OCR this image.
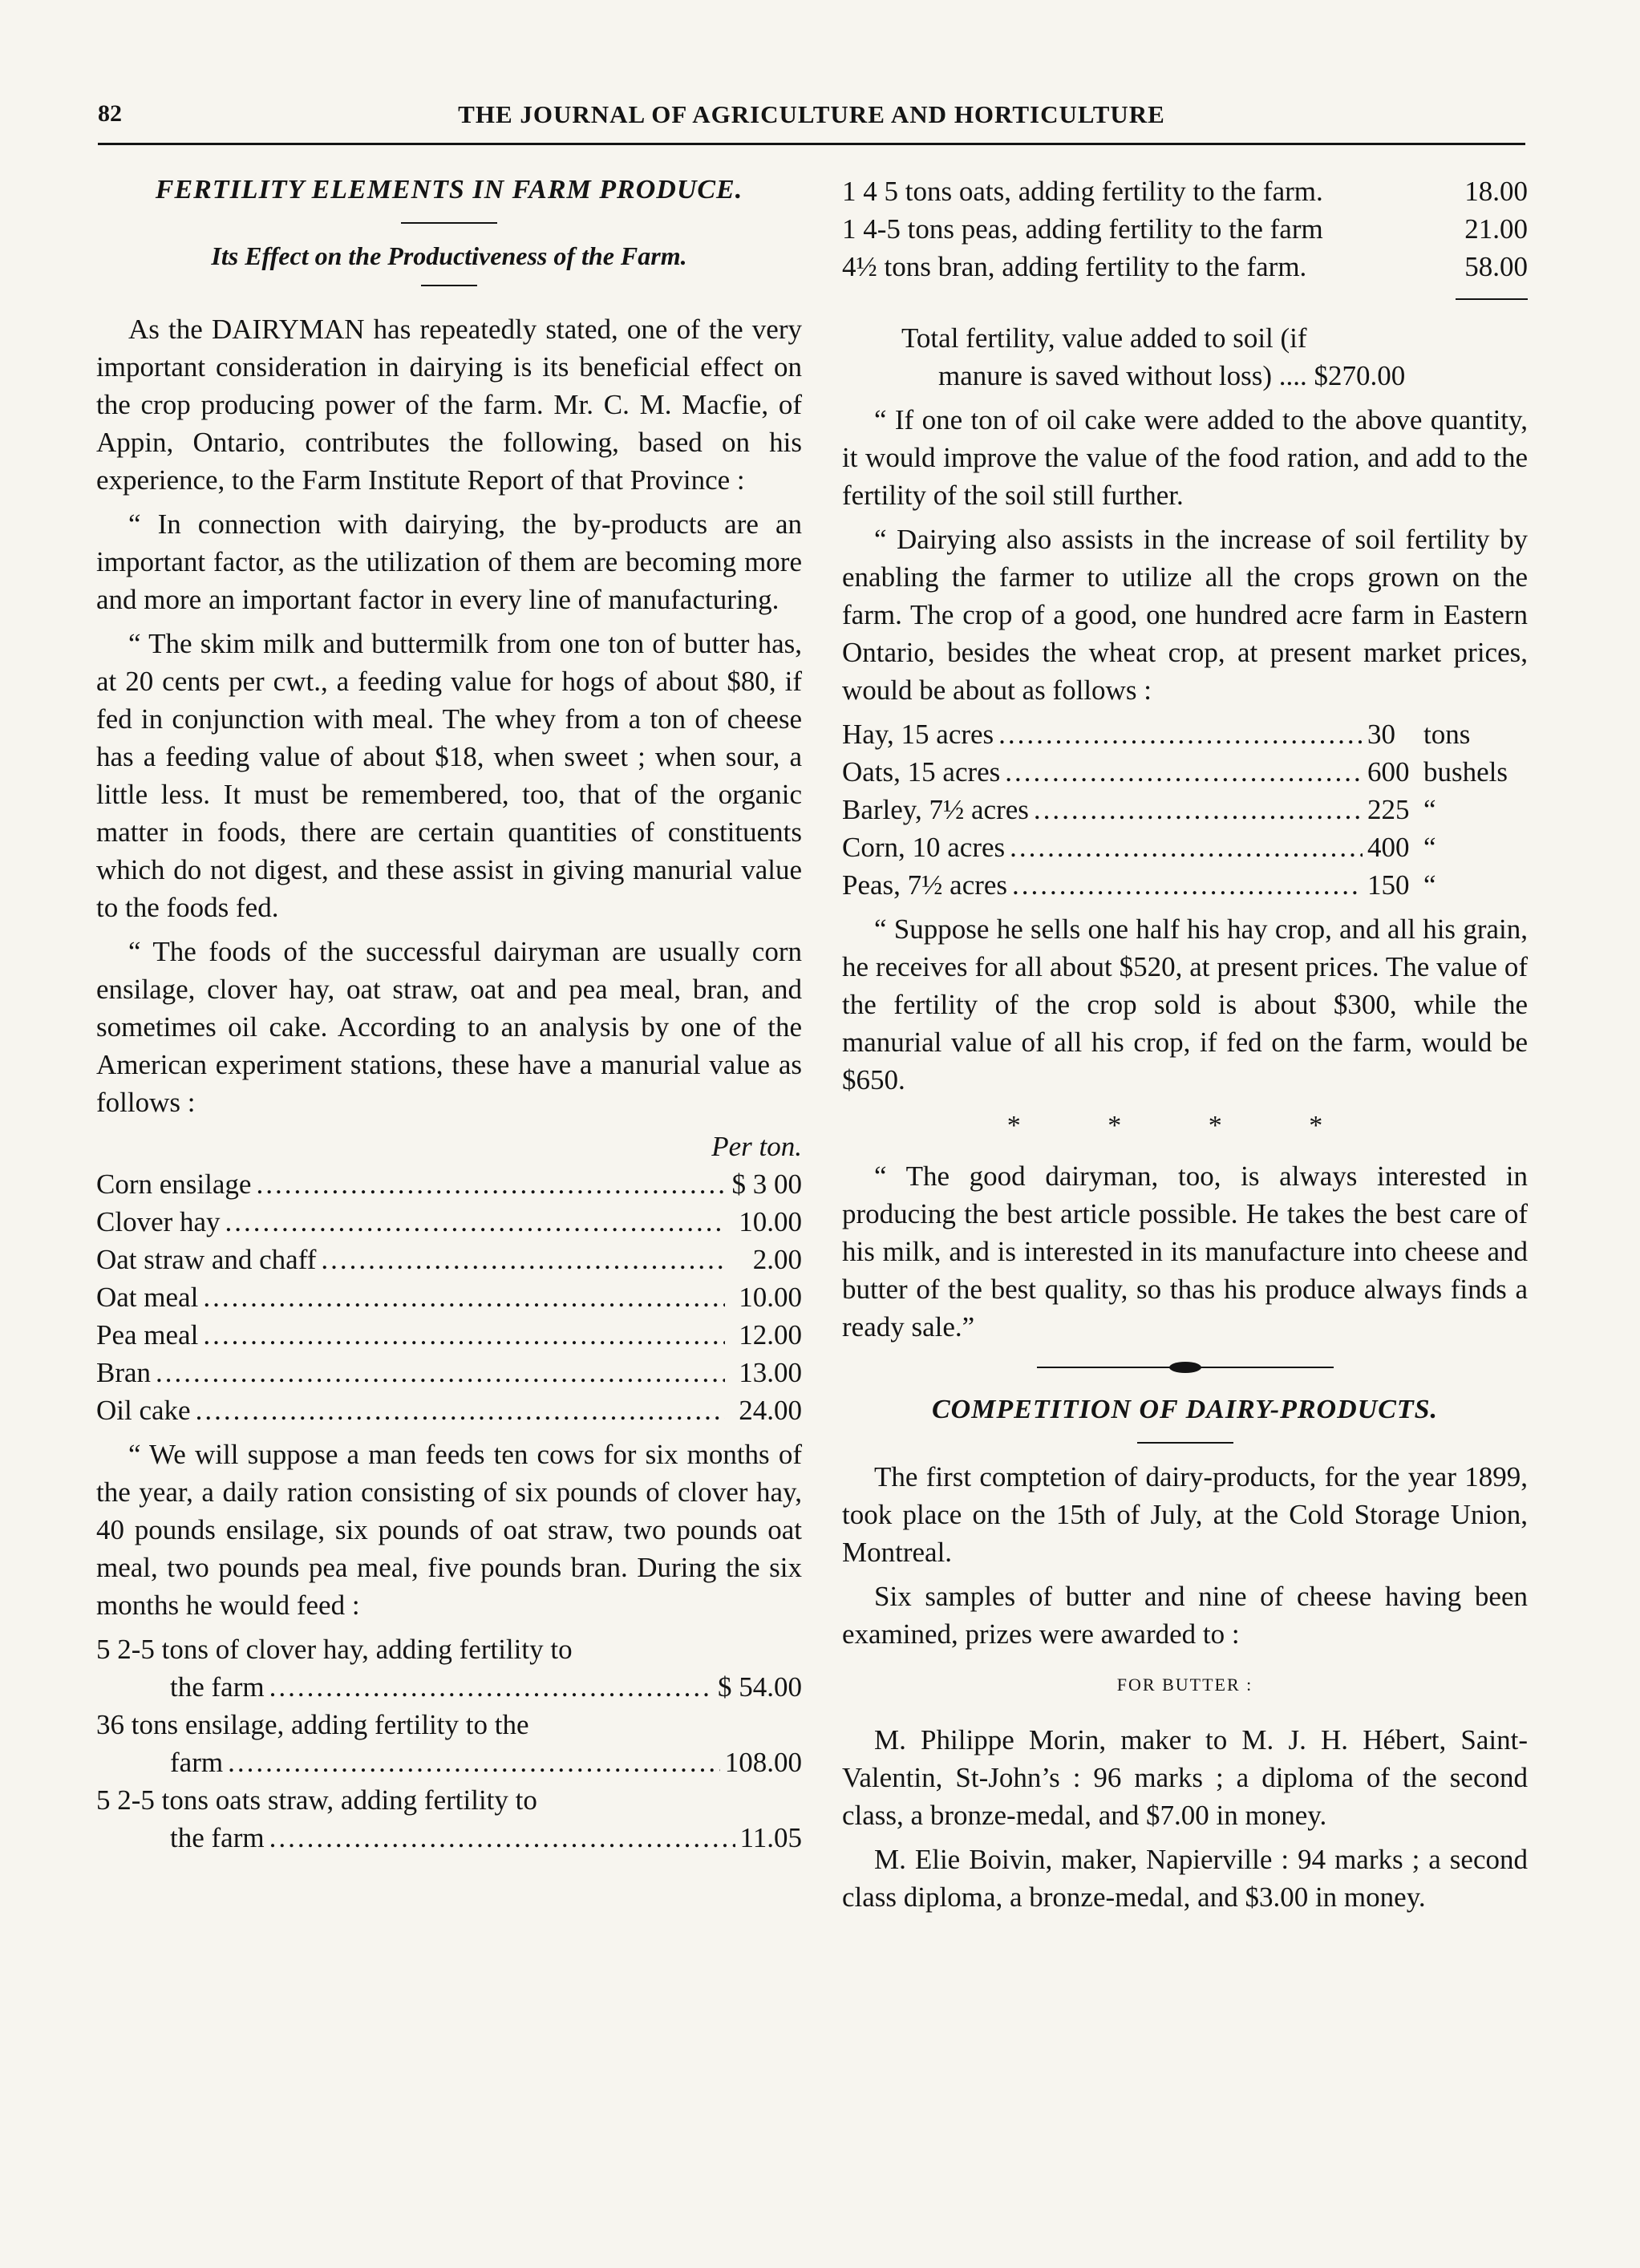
82	THE JOURNAL OF AGRICULTURE AND HORTICULTURE
FERTILITY ELEMENTS IN FARM PRODUCE.
Its Effect on the Productiveness of the Farm.

As the DAIRYMAN has repeatedly stated, one of the very important consideration in dairying is its beneficial effect on the crop producing power of the farm. Mr. C. M. Macfie, of Appin, Ontario, contributes the following, based on his experience, to the Farm Institute Report of that Province :

“ In connection with dairying, the by-products are an important factor, as the utilization of them are becoming more and more an important factor in every line of manufacturing.

“ The skim milk and buttermilk from one ton of butter has, at 20 cents per cwt., a feeding value for hogs of about $80, if fed in conjunction with meal. The whey from a ton of cheese has a feeding value of about $18, when sweet ; when sour, a little less. It must be remembered, too, that of the organic matter in foods, there are certain quantities of constituents which do not digest, and these assist in giving manurial value to the foods fed.

“ The foods of the successful dairyman are usually corn ensilage, clover hay, oat straw, oat and pea meal, bran, and sometimes oil cake. According to an analysis by one of the American experiment stations, these have a manurial value as follows :

Per ton.
Corn ensilage .....	$ 3 00
Clover hay .....	10.00
Oat straw and chaff .....	2.00
Oat meal .....	10.00
Pea meal .....	12.00
Bran .....	13.00
Oil cake .....	24.00

“ We will suppose a man feeds ten cows for six months of the year, a daily ration consisting of six pounds of clover hay, 40 pounds ensilage, six pounds of oat straw, two pounds oat meal, two pounds pea meal, five pounds bran. During the six months he would feed :

5 2-5 tons of clover hay, adding fertility to
the farm .....	$ 54.00
36 tons ensilage, adding fertility to the
farm .....	108.00
5 2-5 tons oats straw, adding fertility to
the farm .....	11.05
1 4 5 tons oats, adding fertility to the farm.	18.00
1 4-5 tons peas, adding fertility to the farm	21.00
4½ tons bran, adding fertility to the farm.	58.00
Total fertility, value added to soil (if
manure is saved without loss) .... $270.00

“ If one ton of oil cake were added to the above quantity, it would improve the value of the food ration, and add to the fertility of the soil still further.

“ Dairying also assists in the increase of soil fertility by enabling the farmer to utilize all the crops grown on the farm. The crop of a good, one hundred acre farm in Eastern Ontario, besides the wheat crop, at present market prices, would be about as follows :

Hay, 15 acres .....	30	tons
Oats, 15 acres .....	600 bushels
Barley, 7½ acres .....	225 “
Corn, 10 acres .....	400 “
Peas, 7½ acres .....	150 “

“ Suppose he sells one half his hay crop, and all his grain, he receives for all about $520, at present prices. The value of the fertility of the crop sold is about $300, while the manurial value of all his crop, if fed on the farm, would be $650.

* * * *

“ The good dairyman, too, is always interested in producing the best article possible. He takes the best care of his milk, and is interested in its manufacture into cheese and butter of the best quality, so thas his produce always finds a ready sale.”

COMPETITION OF DAIRY-PRODUCTS.

The first comptetion of dairy-products, for the year 1899, took place on the 15th of July, at the Cold Storage Union, Montreal.

Six samples of butter and nine of cheese having been examined, prizes were awarded to :

FOR BUTTER :

M. Philippe Morin, maker to M. J. H. Hébert, Saint-Valentin, St-John’s : 96 marks ; a diploma of the second class, a bronze-medal, and $7.00 in money.

M. Elie Boivin, maker, Napierville : 94 marks ; a second class diploma, a bronze-medal, and $3.00 in money.
